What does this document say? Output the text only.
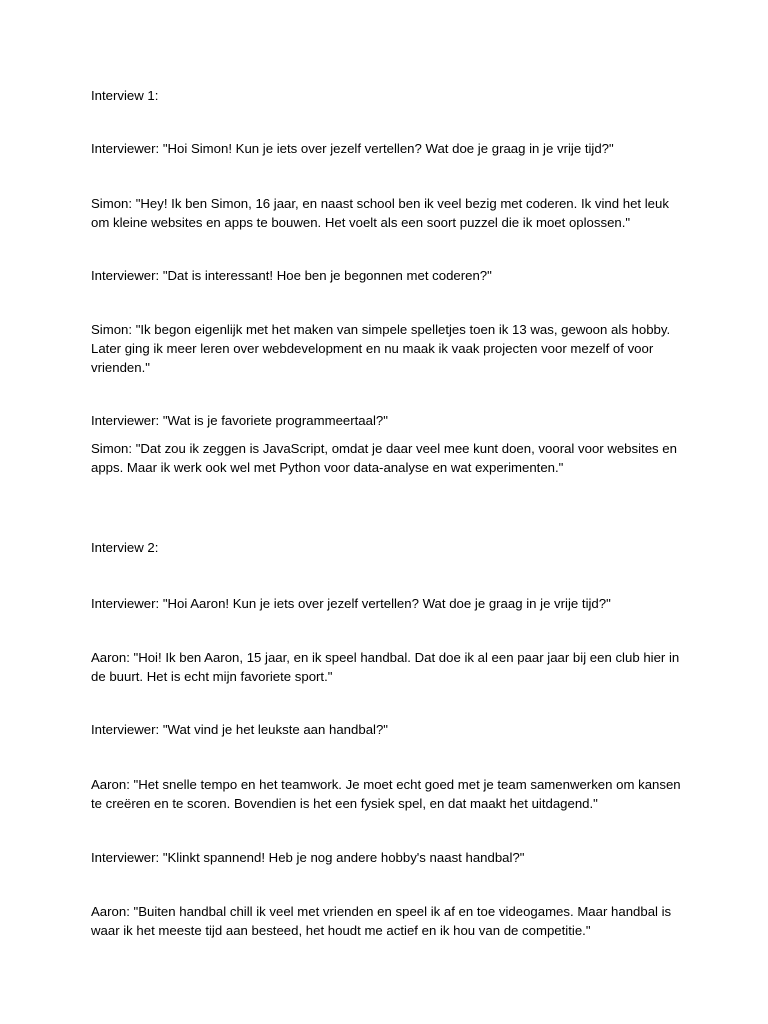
Interview 1:

Interviewer: "Hoi Simon! Kun je iets over jezelf vertellen? Wat doe je graag in je vrije tijd?"

Simon: "Hey! Ik ben Simon, 16 jaar, en naast school ben ik veel bezig met coderen. Ik vind het leuk om kleine websites en apps te bouwen. Het voelt als een soort puzzel die ik moet oplossen."

Interviewer: "Dat is interessant! Hoe ben je begonnen met coderen?"

Simon: "Ik begon eigenlijk met het maken van simpele spelletjes toen ik 13 was, gewoon als hobby. Later ging ik meer leren over webdevelopment en nu maak ik vaak projecten voor mezelf of voor vrienden."

Interviewer: "Wat is je favoriete programmeertaal?"

Simon: "Dat zou ik zeggen is JavaScript, omdat je daar veel mee kunt doen, vooral voor websites en apps. Maar ik werk ook wel met Python voor data-analyse en wat experimenten."

Interview 2:

Interviewer: "Hoi Aaron! Kun je iets over jezelf vertellen? Wat doe je graag in je vrije tijd?"

Aaron: "Hoi! Ik ben Aaron, 15 jaar, en ik speel handbal. Dat doe ik al een paar jaar bij een club hier in de buurt. Het is echt mijn favoriete sport."

Interviewer: "Wat vind je het leukste aan handbal?"

Aaron: "Het snelle tempo en het teamwork. Je moet echt goed met je team samenwerken om kansen te creëren en te scoren. Bovendien is het een fysiek spel, en dat maakt het uitdagend."

Interviewer: "Klinkt spannend! Heb je nog andere hobby's naast handbal?"

Aaron: "Buiten handbal chill ik veel met vrienden en speel ik af en toe videogames. Maar handbal is waar ik het meeste tijd aan besteed, het houdt me actief en ik hou van de competitie."
